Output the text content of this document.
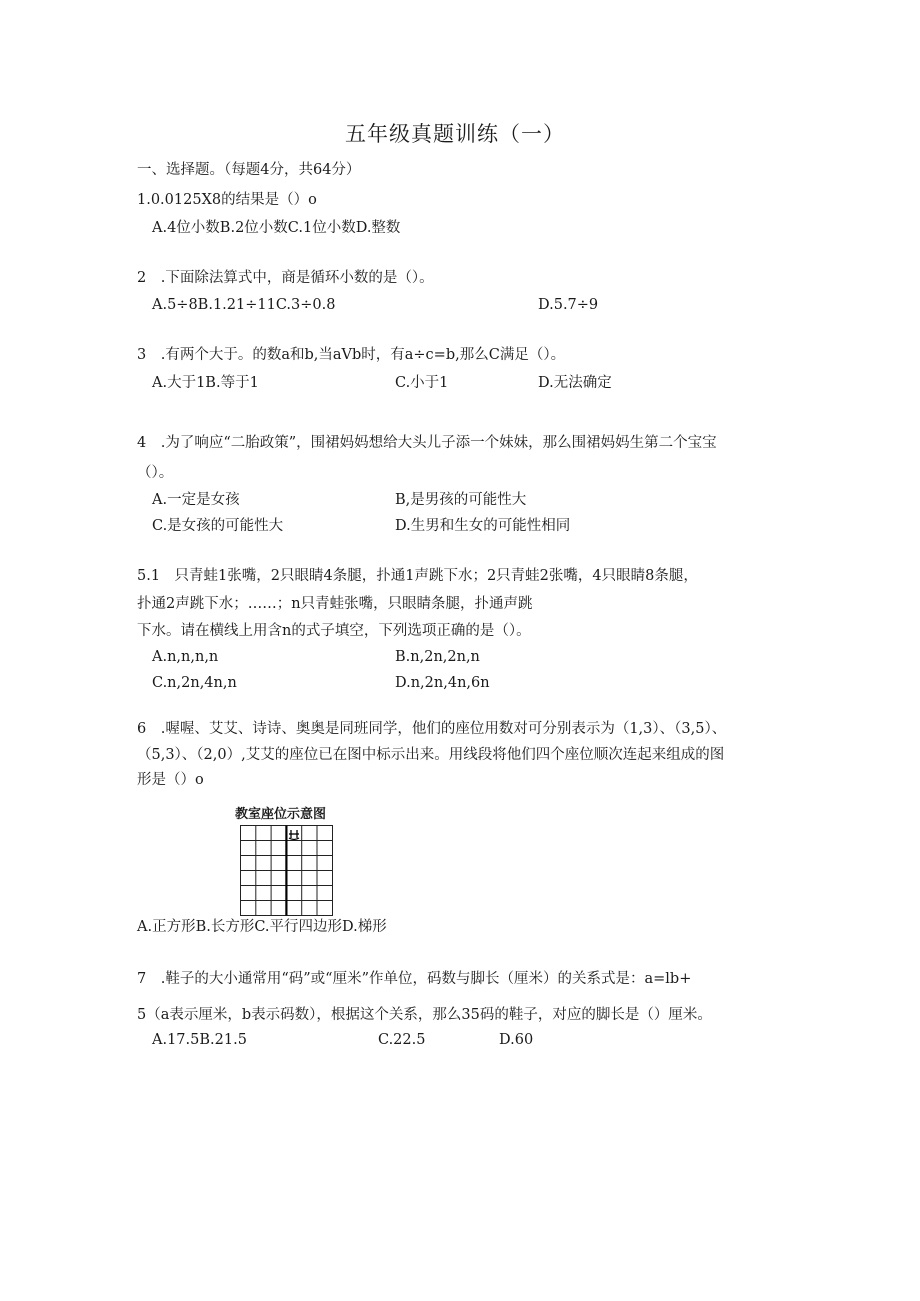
五年级真题训练（一）
一、选择题。（每题4分，共64分）
1.0.0125X8的结果是（）o
A.4位小数B.2位小数C.1位小数D.整数
2　.下面除法算式中，商是循环小数的是（）。
A.5÷8B.1.21÷11C.3÷0.8	D.5.7÷9
3　.有两个大于。的数a和b,当aVb时，有a÷c=b,那么C满足（）。
A.大于1B.等于1	C.小于1	D.无法确定
4　.为了响应“二胎政策”，围裙妈妈想给大头儿子添一个妹妹，那么围裙妈妈生第二个宝宝
（）。
A.一定是女孩	B,是男孩的可能性大
C.是女孩的可能性大	D.生男和生女的可能性相同
5.1　只青蛙1张嘴，2只眼睛4条腿，扑通1声跳下水；2只青蛙2张嘴，4只眼睛8条腿，
扑通2声跳下水；……；n只青蛙张嘴，只眼睛条腿，扑通声跳
下水。请在横线上用含n的式子填空，下列选项正确的是（）。
A.n,n,n,n	B.n,2n,2n,n
C.n,2n,4n,n	D.n,2n,4n,6n
6　.喔喔、艾艾、诗诗、奥奥是同班同学，他们的座位用数对可分别表示为（1,3）、（3,5）、
（5,3）、（2,0）,艾艾的座位已在图中标示出来。用线段将他们四个座位顺次连起来组成的图
形是（）o
教室座位示意图
A.正方形B.长方形C.平行四边形D.梯形
7　.鞋子的大小通常用“码”或“厘米”作单位，码数与脚长（厘米）的关系式是：a=lb+
5（a表示厘米，b表示码数），根据这个关系，那么35码的鞋子，对应的脚长是（）厘米。
A.17.5B.21.5	C.22.5	D.60
